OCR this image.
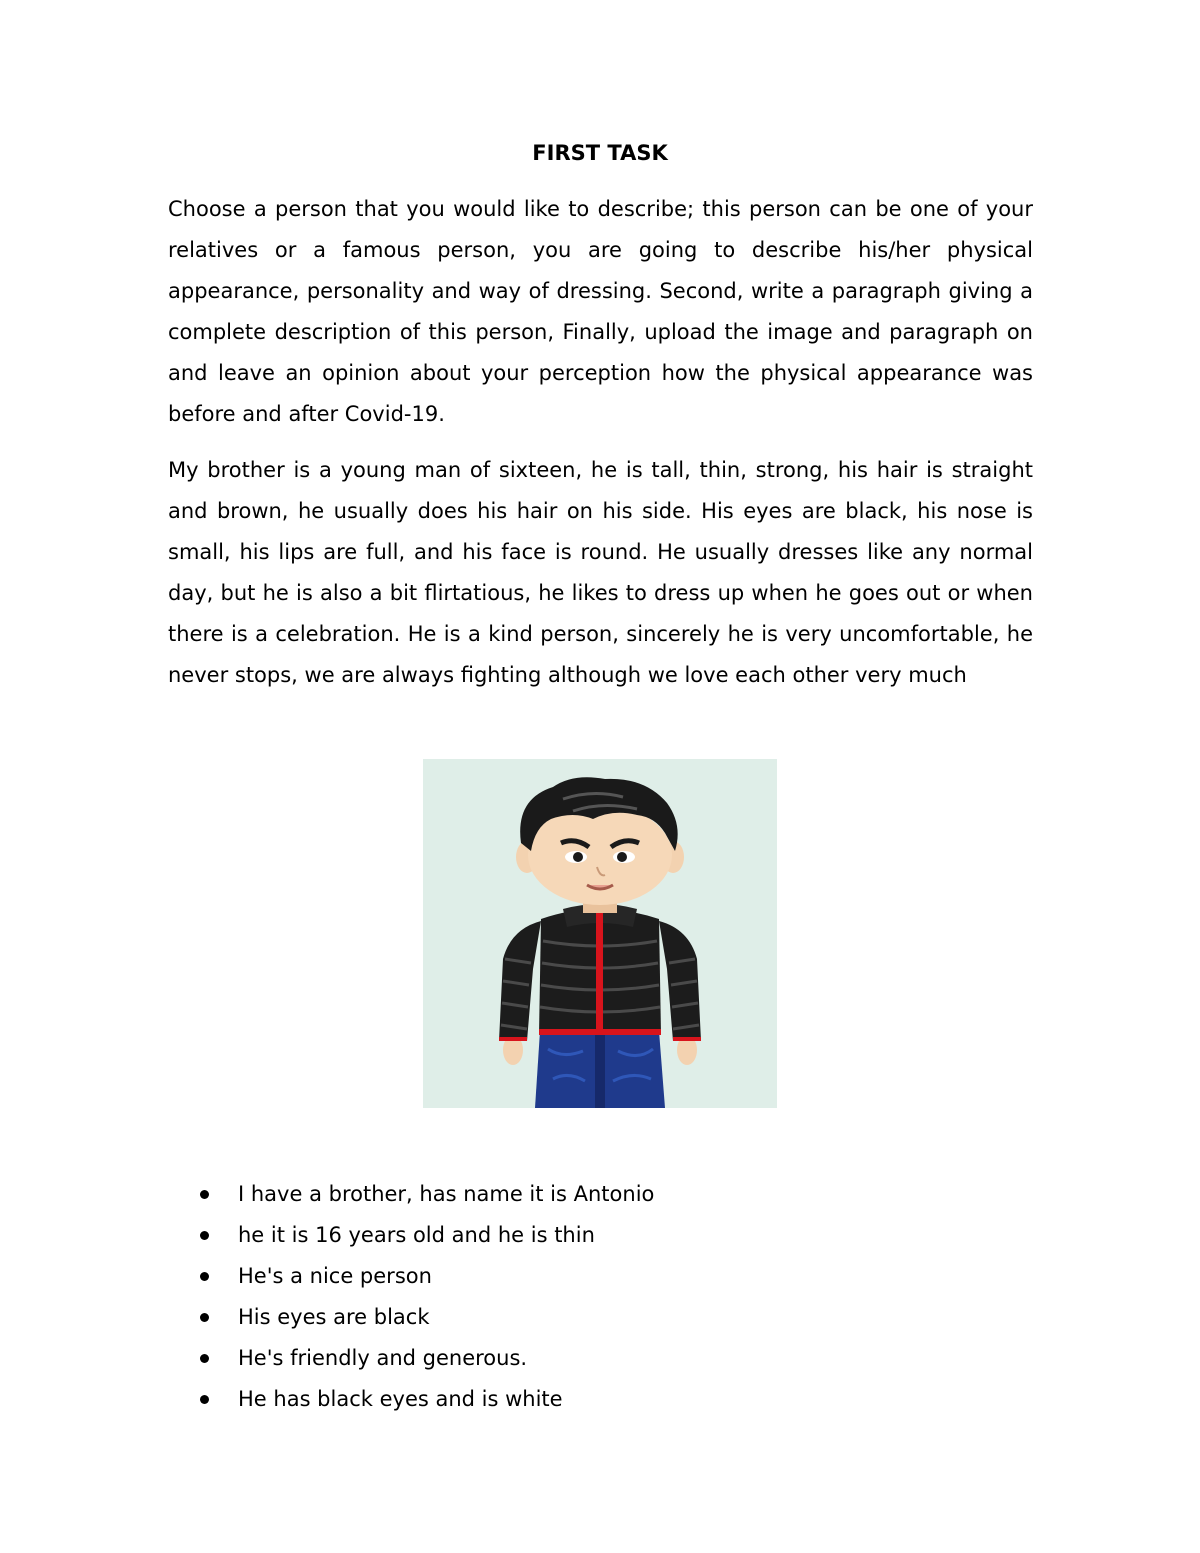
FIRST TASK
Choose a person that you would like to describe; this person can be one of your relatives or a famous person, you are going to describe his/her physical appearance, personality and way of dressing. Second, write a paragraph giving a complete description of this person, Finally, upload the image and paragraph on and leave an opinion about your perception how the physical appearance was before and after Covid-19.
My brother is a young man of sixteen, he is tall, thin, strong, his hair is straight and brown, he usually does his hair on his side. His eyes are black, his nose is small, his lips are full, and his face is round. He usually dresses like any normal day, but he is also a bit flirtatious, he likes to dress up when he goes out or when there is a celebration. He is a kind person, sincerely he is very uncomfortable, he never stops, we are always fighting although we love each other very much
I have a brother, has name it is Antonio
he it is 16 years old and he is thin
He's a nice person
His eyes are black
He's friendly and generous.
He has black eyes and is white
